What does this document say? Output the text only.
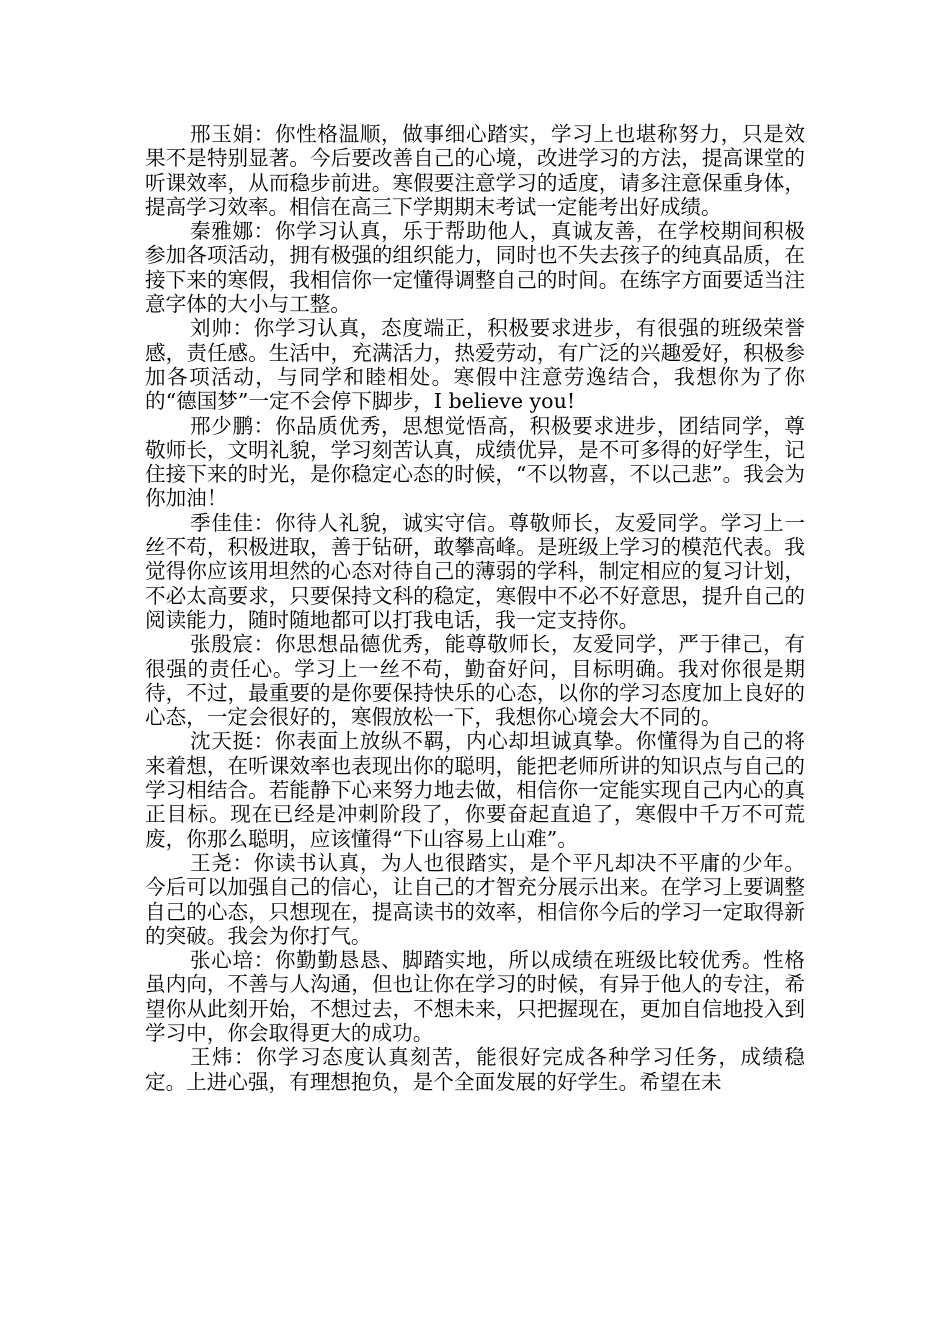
邢玉娟：你性格温顺，做事细心踏实，学习上也堪称努力，只是效果不是特别显著。今后要改善自己的心境，改进学习的方法，提高课堂的听课效率，从而稳步前进。寒假要注意学习的适度，请多注意保重身体，提高学习效率。相信在高三下学期期末考试一定能考出好成绩。

秦雅娜：你学习认真，乐于帮助他人，真诚友善，在学校期间积极参加各项活动，拥有极强的组织能力，同时也不失去孩子的纯真品质，在接下来的寒假，我相信你一定懂得调整自己的时间。在练字方面要适当注意字体的大小与工整。

刘帅：你学习认真，态度端正，积极要求进步，有很强的班级荣誉感，责任感。生活中，充满活力，热爱劳动，有广泛的兴趣爱好，积极参加各项活动，与同学和睦相处。寒假中注意劳逸结合，我想你为了你的“德国梦”一定不会停下脚步，I believe you!

邢少鹏：你品质优秀，思想觉悟高，积极要求进步，团结同学，尊敬师长，文明礼貌，学习刻苦认真，成绩优异，是不可多得的好学生，记住接下来的时光，是你稳定心态的时候，“不以物喜，不以己悲”。我会为你加油！

季佳佳：你待人礼貌，诚实守信。尊敬师长，友爱同学。学习上一丝不苟，积极进取，善于钻研，敢攀高峰。是班级上学习的模范代表。我觉得你应该用坦然的心态对待自己的薄弱的学科，制定相应的复习计划，不必太高要求，只要保持文科的稳定，寒假中不必不好意思，提升自己的阅读能力，随时随地都可以打我电话，我一定支持你。

张殷宸：你思想品德优秀，能尊敬师长，友爱同学，严于律己，有很强的责任心。学习上一丝不苟，勤奋好问，目标明确。我对你很是期待，不过，最重要的是你要保持快乐的心态，以你的学习态度加上良好的心态，一定会很好的，寒假放松一下，我想你心境会大不同的。

沈天挺：你表面上放纵不羁，内心却坦诚真挚。你懂得为自己的将来着想，在听课效率也表现出你的聪明，能把老师所讲的知识点与自己的学习相结合。若能静下心来努力地去做，相信你一定能实现自己内心的真正目标。现在已经是冲刺阶段了，你要奋起直追了，寒假中千万不可荒废，你那么聪明，应该懂得“下山容易上山难”。

王尧：你读书认真，为人也很踏实，是个平凡却决不平庸的少年。今后可以加强自己的信心，让自己的才智充分展示出来。在学习上要调整自己的心态，只想现在，提高读书的效率，相信你今后的学习一定取得新的突破。我会为你打气。

张心培：你勤勤恳恳、脚踏实地，所以成绩在班级比较优秀。性格虽内向，不善与人沟通，但也让你在学习的时候，有异于他人的专注，希望你从此刻开始，不想过去，不想未来，只把握现在，更加自信地投入到学习中，你会取得更大的成功。

王炜：你学习态度认真刻苦，能很好完成各种学习任务，成绩稳定。上进心强，有理想抱负，是个全面发展的好学生。希望在未
